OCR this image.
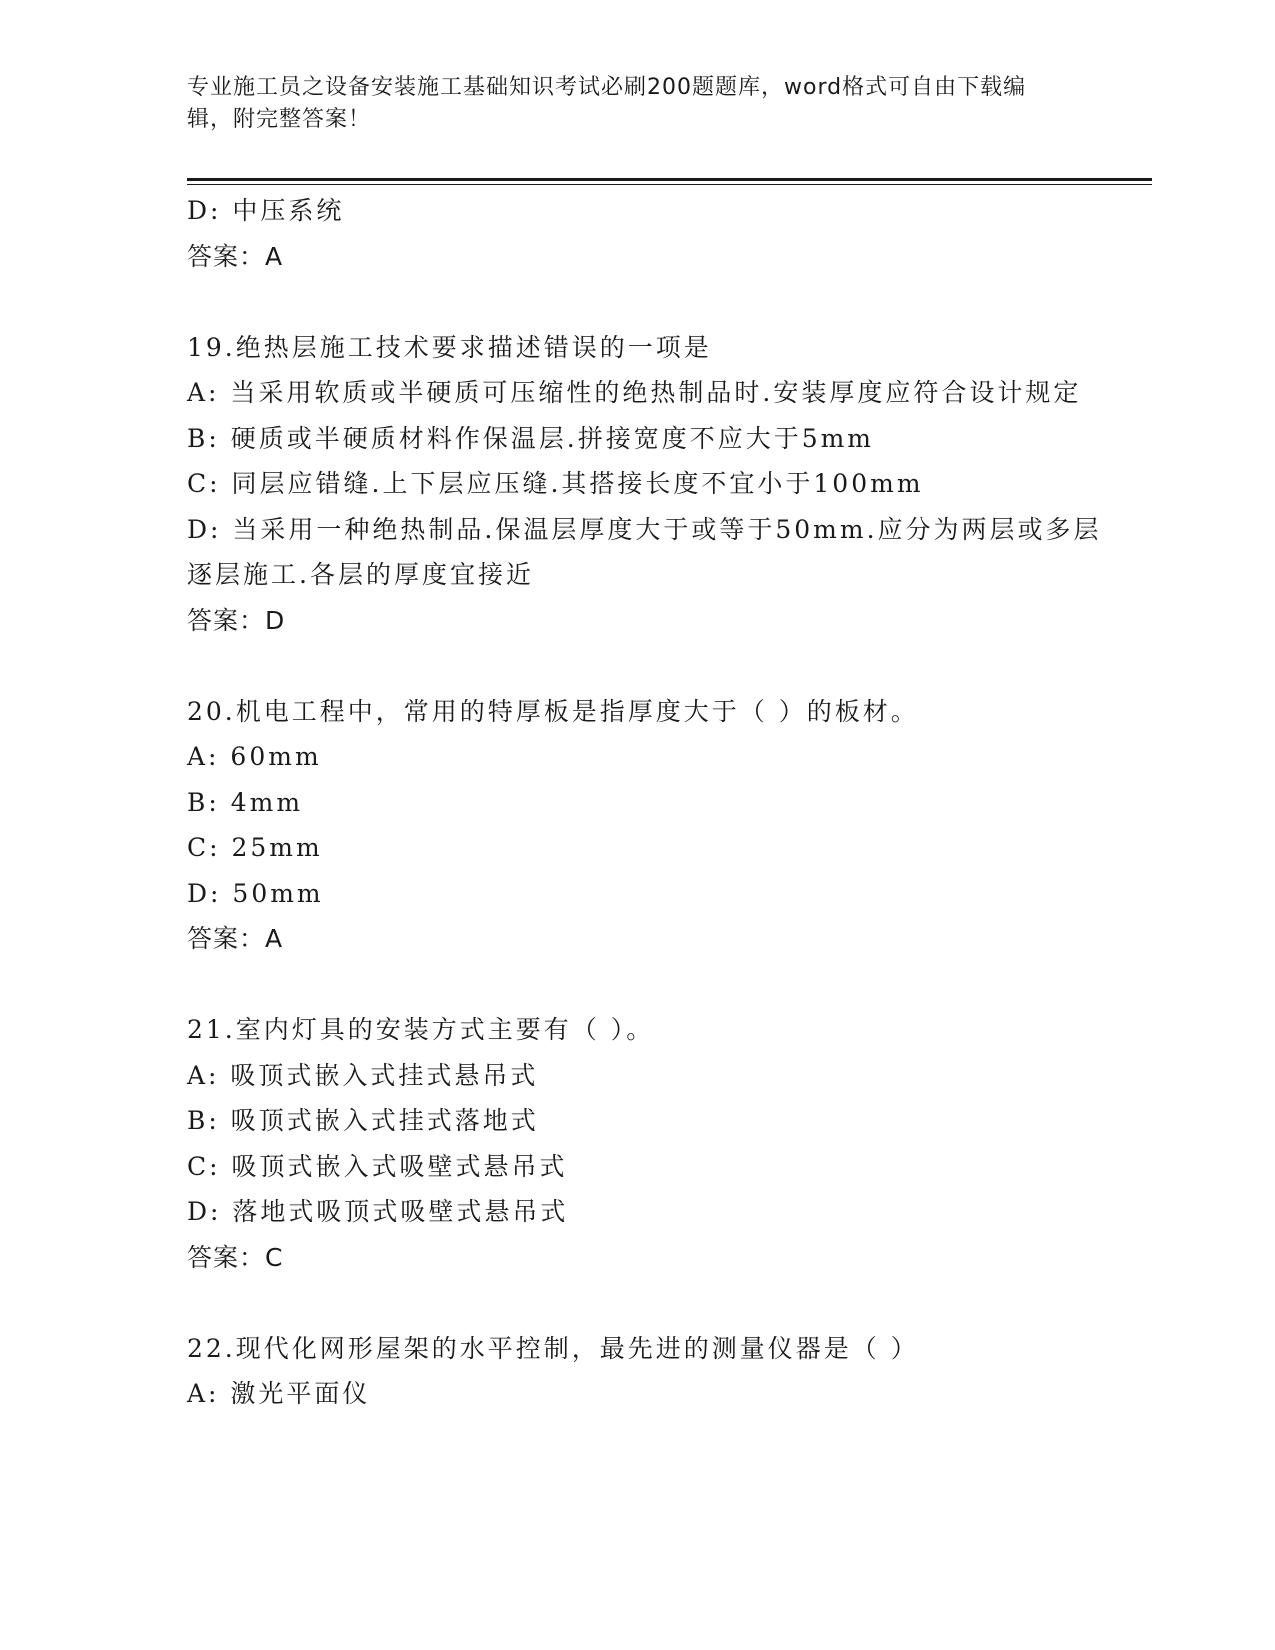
专业施工员之设备安装施工基础知识考试必刷200题题库，word格式可自由下载编辑，附完整答案！
D: 中压系统
答案：A
19.绝热层施工技术要求描述错误的一项是
A: 当采用软质或半硬质可压缩性的绝热制品时.安装厚度应符合设计规定
B: 硬质或半硬质材料作保温层.拼接宽度不应大于5mm
C: 同层应错缝.上下层应压缝.其搭接长度不宜小于100mm
D: 当采用一种绝热制品.保温层厚度大于或等于50mm.应分为两层或多层逐层施工.各层的厚度宜接近
答案：D
20.机电工程中，常用的特厚板是指厚度大于（ ）的板材。
A: 60mm
B: 4mm
C: 25mm
D: 50mm
答案：A
21.室内灯具的安装方式主要有（ ）。
A: 吸顶式嵌入式挂式悬吊式
B: 吸顶式嵌入式挂式落地式
C: 吸顶式嵌入式吸壁式悬吊式
D: 落地式吸顶式吸壁式悬吊式
答案：C
22.现代化网形屋架的水平控制，最先进的测量仪器是（ ）
A: 激光平面仪
